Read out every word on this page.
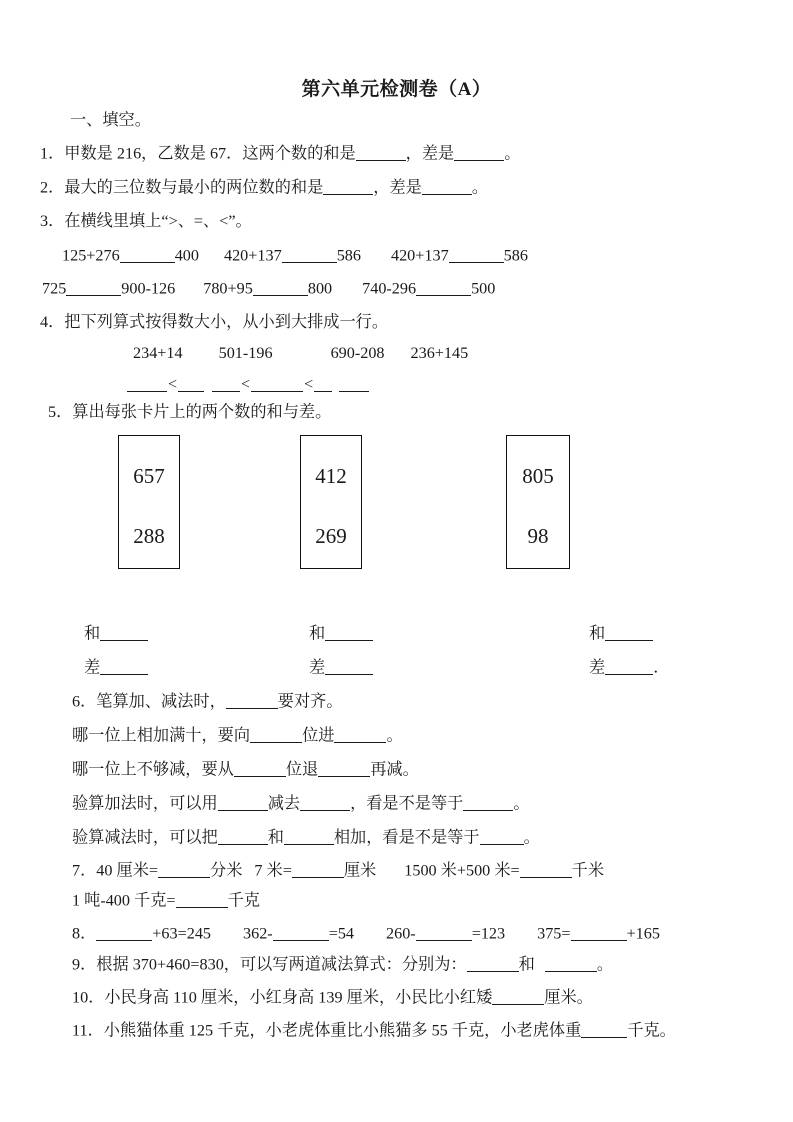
第六单元检测卷（A）
一、填空。
1．甲数是 216，乙数是 67．这两个数的和是	，差是	。
2．最大的三位数与最小的两位数的和是	，差是	。
3．在横线里填上“>、=、<”。
125+276	400 420+137	586 420+137	586
725	900-126 780+95	800 740-296	500
4．把下列算式按得数大小，从小到大排成一行。
234+14 501-196	690-208 236+145
<	<	<
5．算出每张卡片上的两个数的和与差。
657
288
412
269
805
98
和
差
和
差
和
差	．
6．笔算加、减法时，	要对齐。
哪一位上相加满十，要向	位进	。
哪一位上不够减，要从	位退	再减。
验算加法时，可以用	减去	，看是不是等于	。
验算减法时，可以把	和	相加，看是不是等于	。
7．40 厘米=	分米 7 米=	厘米 1500 米+500 米=	千米
1 吨-400 千克=	千克
8．	+63=245 362-	=54 260-	=123 375=	+165
9．根据 370+460=830，可以写两道减法算式：分别为：	和	。
10．小民身高 110 厘米，小红身高 139 厘米，小民比小红矮	厘米。
11．小熊猫体重 125 千克，小老虎体重比小熊猫多 55 千克，小老虎体重	千克。
